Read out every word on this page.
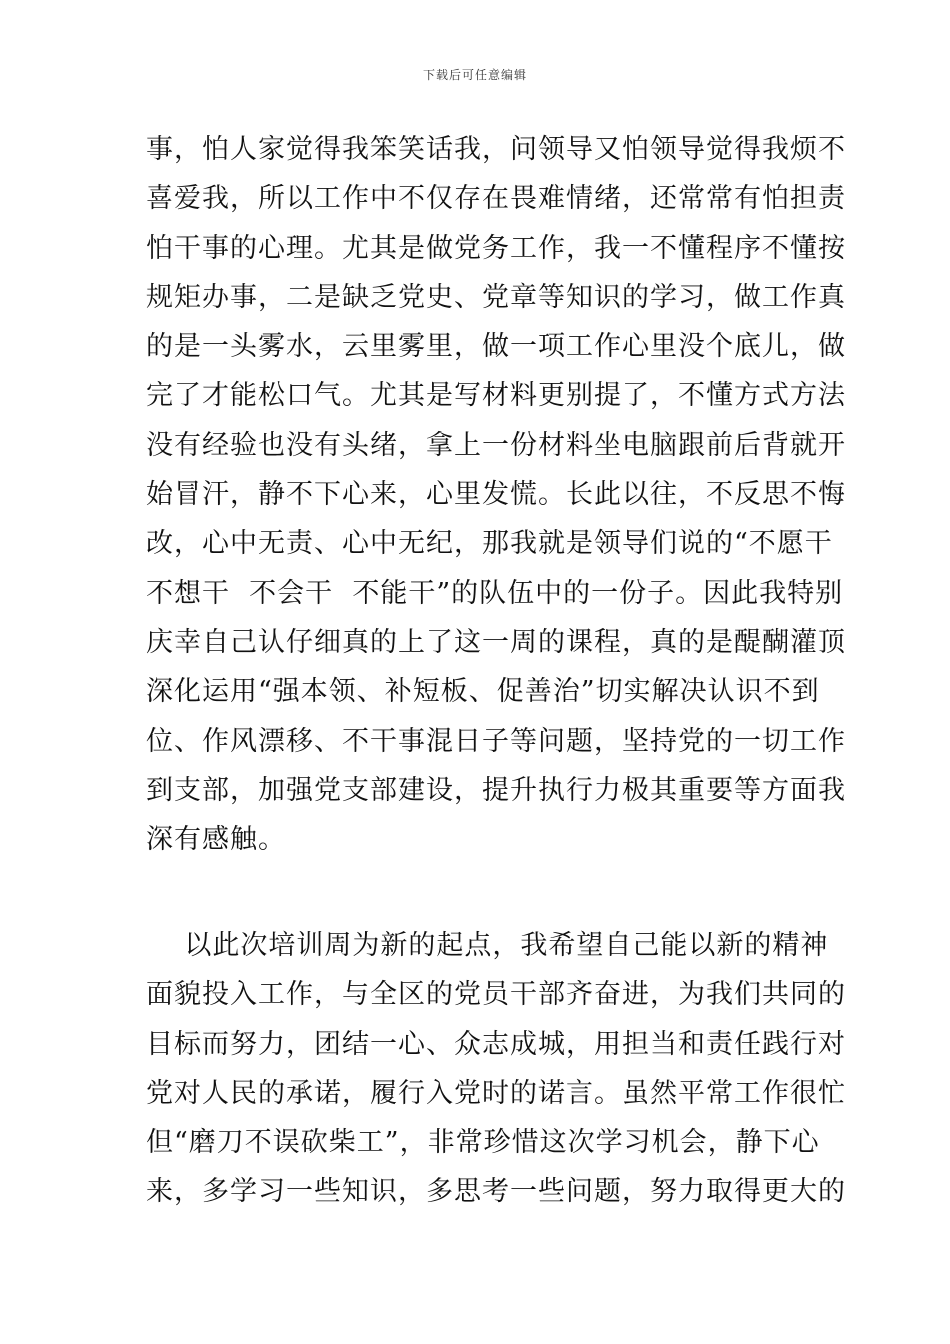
下载后可任意编辑
事，怕人家觉得我笨笑话我，问领导又怕领导觉得我烦不
喜爱我，所以工作中不仅存在畏难情绪，还常常有怕担责
怕干事的心理。尤其是做党务工作，我一不懂程序不懂按
规矩办事，二是缺乏党史、党章等知识的学习，做工作真
的是一头雾水，云里雾里，做一项工作心里没个底儿，做
完了才能松口气。尤其是写材料更别提了，不懂方式方法
没有经验也没有头绪，拿上一份材料坐电脑跟前后背就开
始冒汗，静不下心来，心里发慌。长此以往，不反思不悔
改，心中无责、心中无纪，那我就是领导们说的“不愿干
不想干  不会干  不能干”的队伍中的一份子。因此我特别
庆幸自己认仔细真的上了这一周的课程，真的是醍醐灌顶
深化运用“强本领、补短板、促善治”切实解决认识不到
位、作风漂移、不干事混日子等问题，坚持党的一切工作
到支部，加强党支部建设，提升执行力极其重要等方面我
深有感触。
以此次培训周为新的起点，我希望自己能以新的精神
面貌投入工作，与全区的党员干部齐奋进，为我们共同的
目标而努力，团结一心、众志成城，用担当和责任践行对
党对人民的承诺，履行入党时的诺言。虽然平常工作很忙
但“磨刀不误砍柴工”，非常珍惜这次学习机会，静下心
来，多学习一些知识，多思考一些问题，努力取得更大的
